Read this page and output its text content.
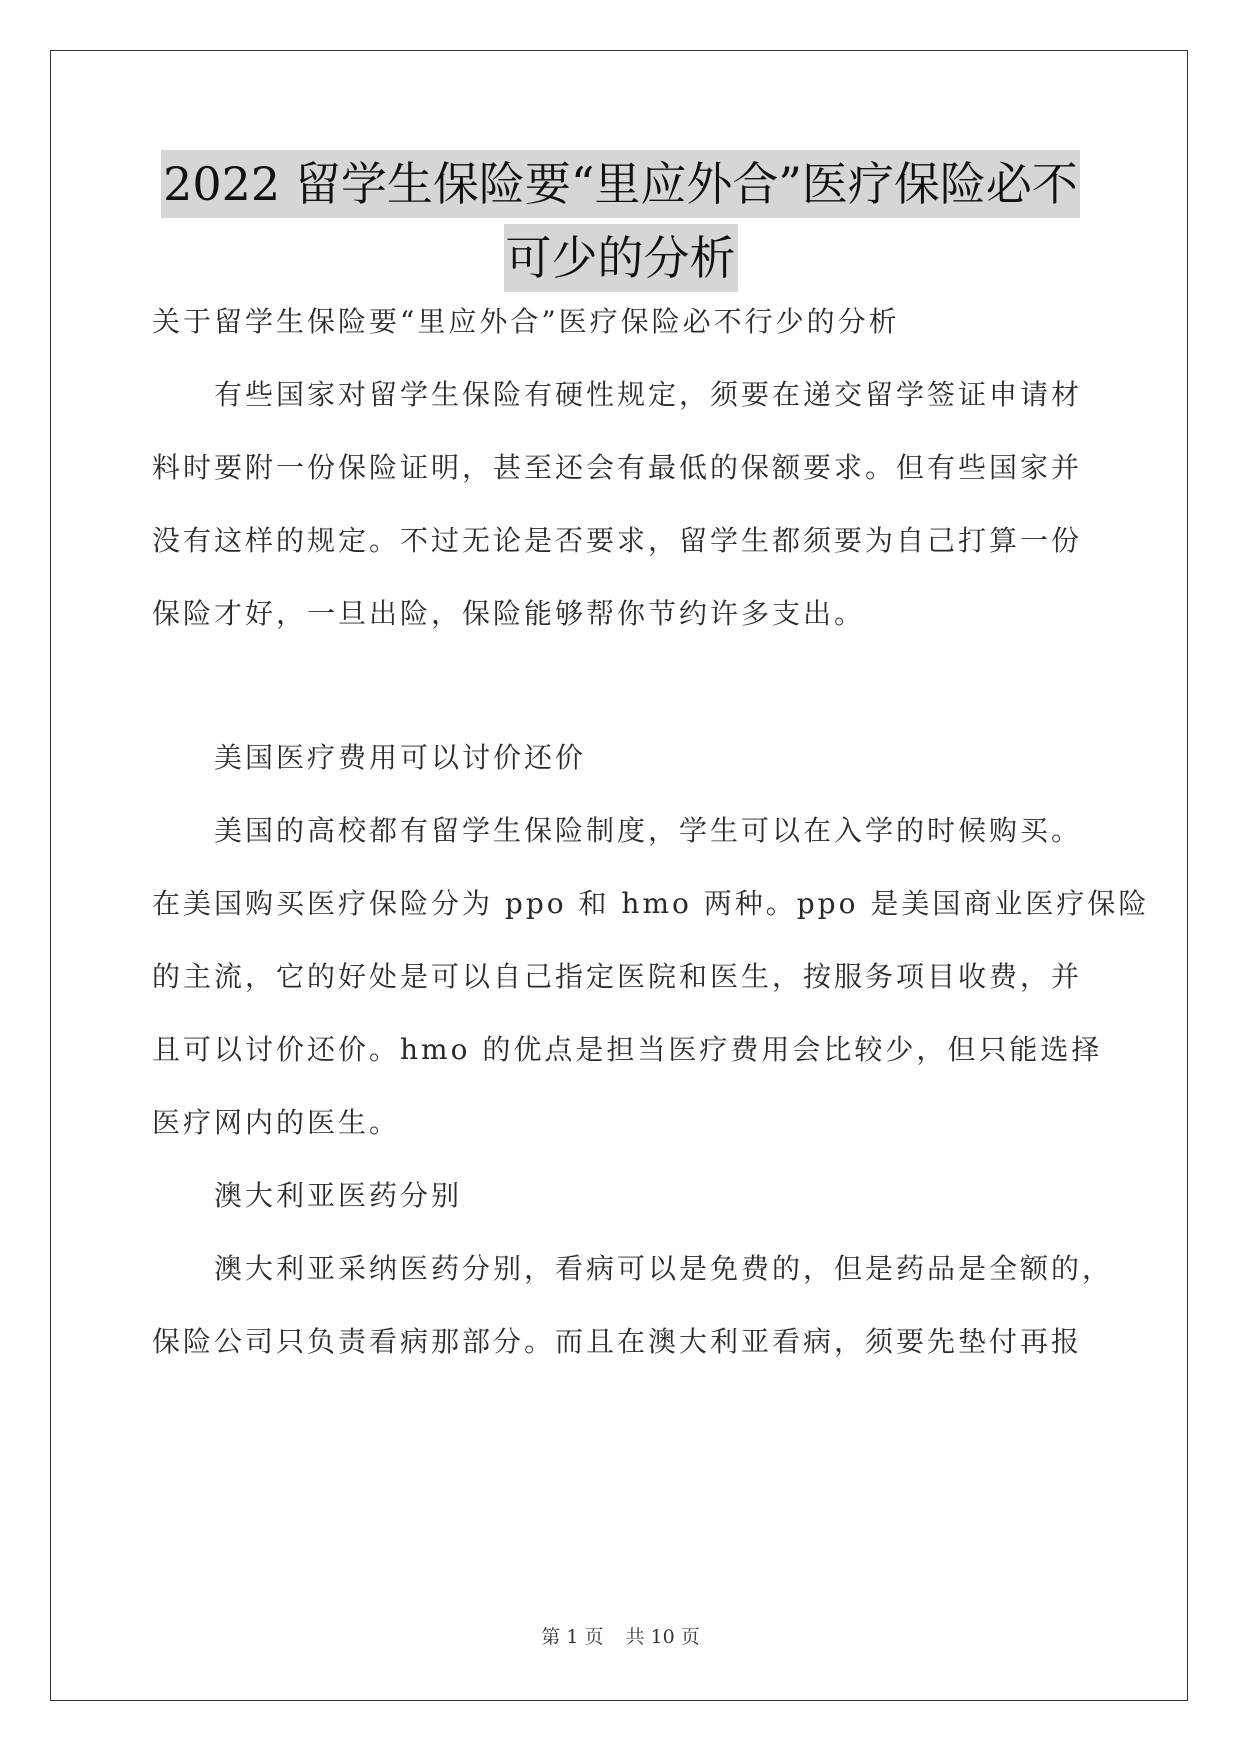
2022 留学生保险要“里应外合”医疗保险必不
可少的分析
关于留学生保险要“里应外合”医疗保险必不行少的分析
　　有些国家对留学生保险有硬性规定，须要在递交留学签证申请材
料时要附一份保险证明，甚至还会有最低的保额要求。但有些国家并
没有这样的规定。不过无论是否要求，留学生都须要为自己打算一份
保险才好，一旦出险，保险能够帮你节约许多支出。
　　美国医疗费用可以讨价还价
　　美国的高校都有留学生保险制度，学生可以在入学的时候购买。
在美国购买医疗保险分为 ppo 和 hmo 两种。ppo 是美国商业医疗保险
的主流，它的好处是可以自己指定医院和医生，按服务项目收费，并
且可以讨价还价。hmo 的优点是担当医疗费用会比较少，但只能选择
医疗网内的医生。
　　澳大利亚医药分别
　　澳大利亚采纳医药分别，看病可以是免费的，但是药品是全额的，
保险公司只负责看病那部分。而且在澳大利亚看病，须要先垫付再报
第 1 页 共 10 页
